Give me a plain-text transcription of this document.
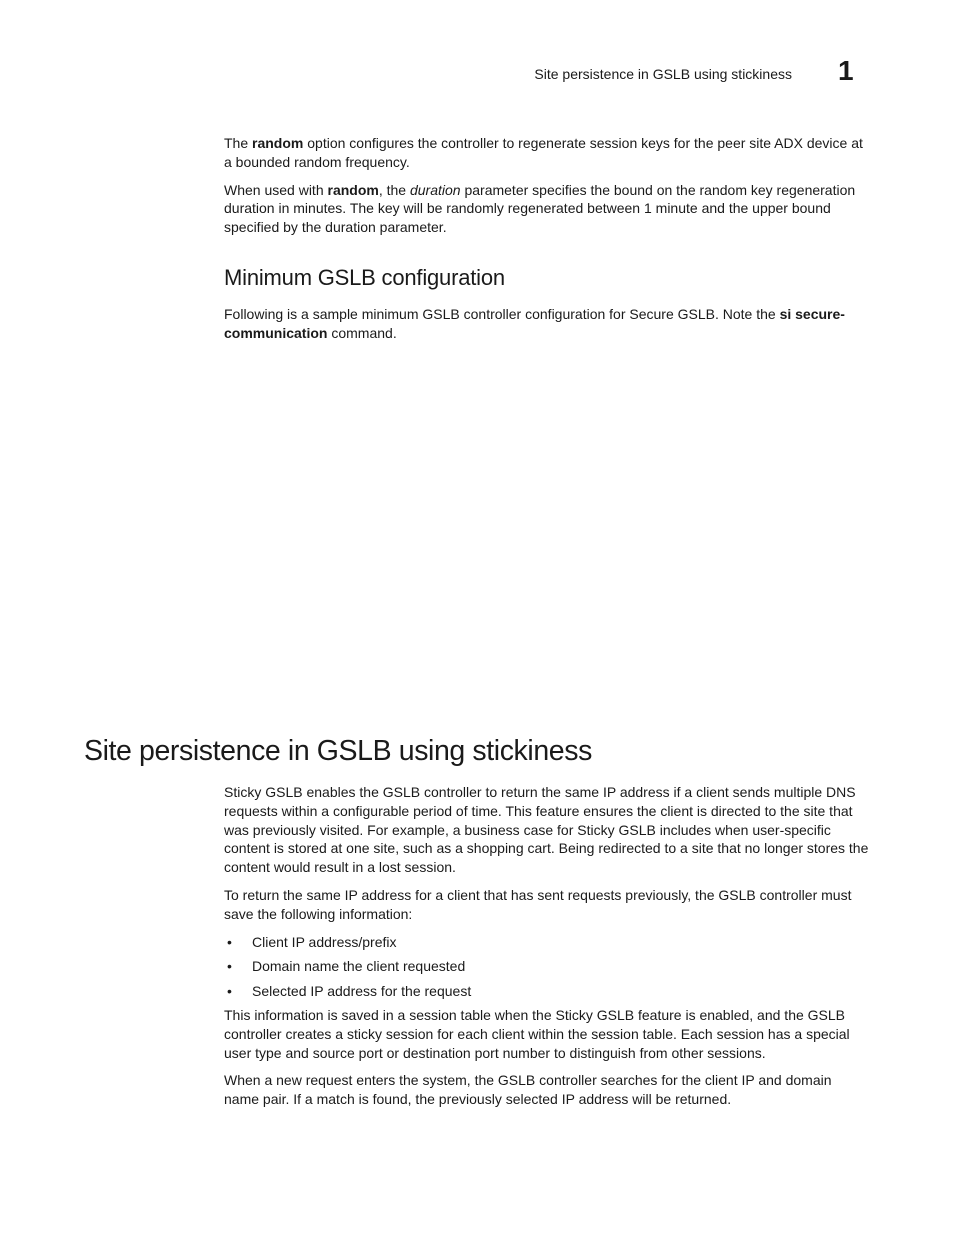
Site persistence in GSLB using stickiness 1

The random option configures the controller to regenerate session keys for the peer site ADX device at a bounded random frequency.

When used with random, the duration parameter specifies the bound on the random key regeneration duration in minutes. The key will be randomly regenerated between 1 minute and the upper bound specified by the duration parameter.

Minimum GSLB configuration

Following is a sample minimum GSLB controller configuration for Secure GSLB. Note the si secure-communication command.

Site persistence in GSLB using stickiness

Sticky GSLB enables the GSLB controller to return the same IP address if a client sends multiple DNS requests within a configurable period of time. This feature ensures the client is directed to the site that was previously visited. For example, a business case for Sticky GSLB includes when user-specific content is stored at one site, such as a shopping cart. Being redirected to a site that no longer stores the content would result in a lost session.

To return the same IP address for a client that has sent requests previously, the GSLB controller must save the following information:

• Client IP address/prefix
• Domain name the client requested
• Selected IP address for the request

This information is saved in a session table when the Sticky GSLB feature is enabled, and the GSLB controller creates a sticky session for each client within the session table. Each session has a special user type and source port or destination port number to distinguish from other sessions.

When a new request enters the system, the GSLB controller searches for the client IP and domain name pair. If a match is found, the previously selected IP address will be returned.
